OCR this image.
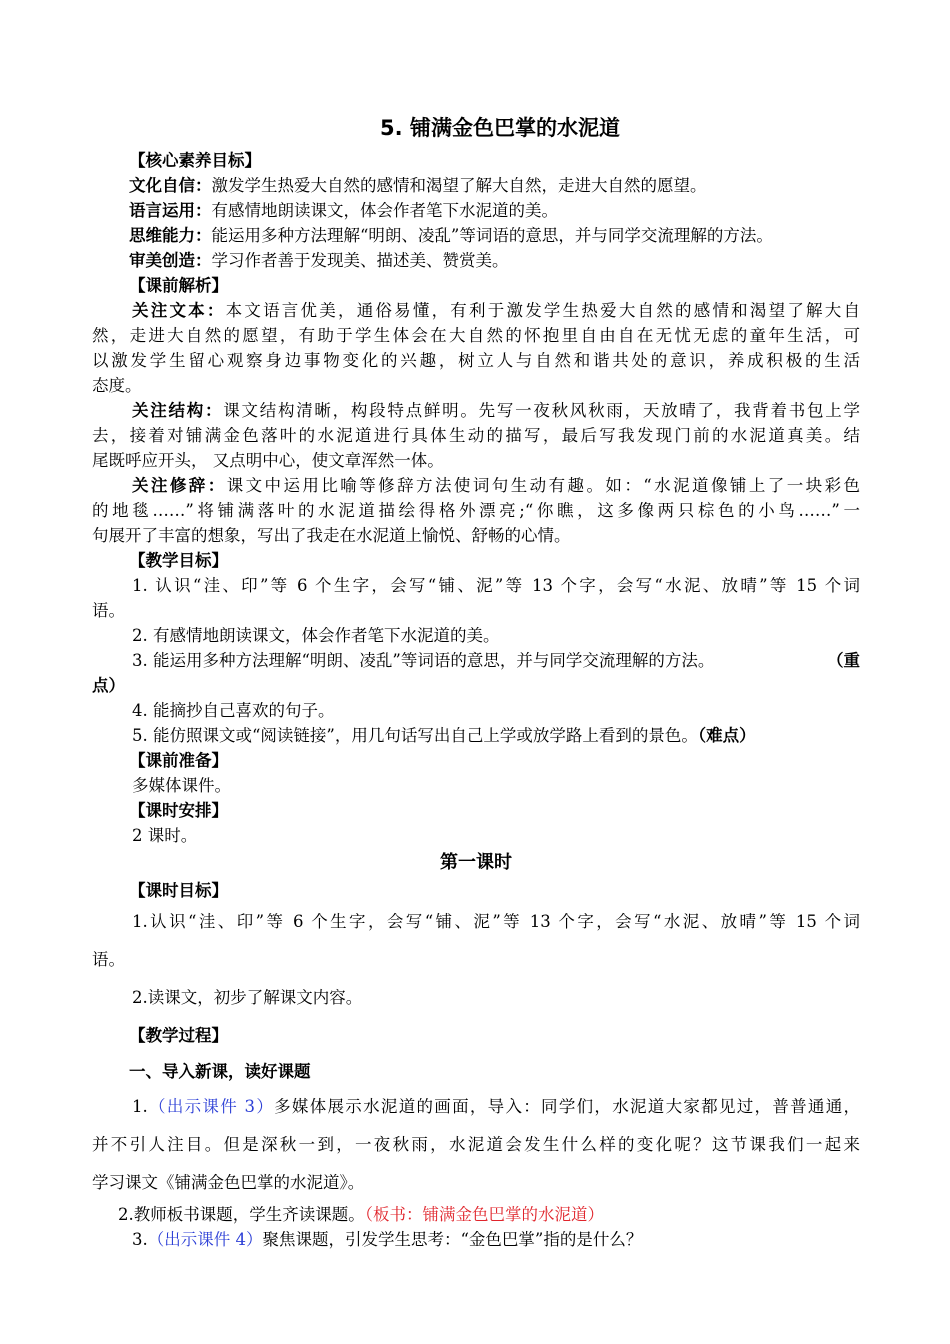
5. 铺满金色巴掌的水泥道
【核心素养目标】
文化自信：激发学生热爱大自然的感情和渴望了解大自然，走进大自然的愿望。
语言运用：有感情地朗读课文，体会作者笔下水泥道的美。
思维能力：能运用多种方法理解“明朗、凌乱”等词语的意思，并与同学交流理解的方法。
审美创造：学习作者善于发现美、描述美、赞赏美。
【课前解析】
关注文本：本文语言优美，通俗易懂，有利于激发学生热爱大自然的感情和渴望了解大自
然，走进大自然的愿望，有助于学生体会在大自然的怀抱里自由自在无忧无虑的童年生活，可
以激发学生留心观察身边事物变化的兴趣，树立人与自然和谐共处的意识，养成积极的生活
态度。
关注结构：课文结构清晰，构段特点鲜明。先写一夜秋风秋雨，天放晴了，我背着书包上学
去，接着对铺满金色落叶的水泥道进行具体生动的描写，最后写我发现门前的水泥道真美。结
尾既呼应开头， 又点明中心，使文章浑然一体。
关注修辞：课文中运用比喻等修辞方法使词句生动有趣。如：“水泥道像铺上了一块彩色
的地毯……”将铺满落叶的水泥道描绘得格外漂亮;“你瞧，这多像两只棕色的小鸟……”一
句展开了丰富的想象，写出了我走在水泥道上愉悦、舒畅的心情。
【教学目标】
1. 认识“洼、印”等 6 个生字，会写“铺、泥”等 13 个字，会写“水泥、放晴”等 15 个词
语。
2. 有感情地朗读课文，体会作者笔下水泥道的美。
3. 能运用多种方法理解“明朗、凌乱”等词语的意思，并与同学交流理解的方法。	（重
点）
4. 能摘抄自己喜欢的句子。
5. 能仿照课文或“阅读链接”，用几句话写出自己上学或放学路上看到的景色。（难点）
【课前准备】
多媒体课件。
【课时安排】
2 课时。
第一课时
【课时目标】
1.认识“洼、印”等 6 个生字，会写“铺、泥”等 13 个字，会写“水泥、放晴”等 15 个词
语。
2.读课文，初步了解课文内容。
【教学过程】
一、导入新课，读好课题
1.（出示课件 3）多媒体展示水泥道的画面，导入：同学们，水泥道大家都见过，普普通通，
并不引人注目。但是深秋一到，一夜秋雨，水泥道会发生什么样的变化呢？这节课我们一起来
学习课文《铺满金色巴掌的水泥道》。
2.教师板书课题，学生齐读课题。（板书：铺满金色巴掌的水泥道）
3.（出示课件 4）聚焦课题，引发学生思考：“金色巴掌”指的是什么？
